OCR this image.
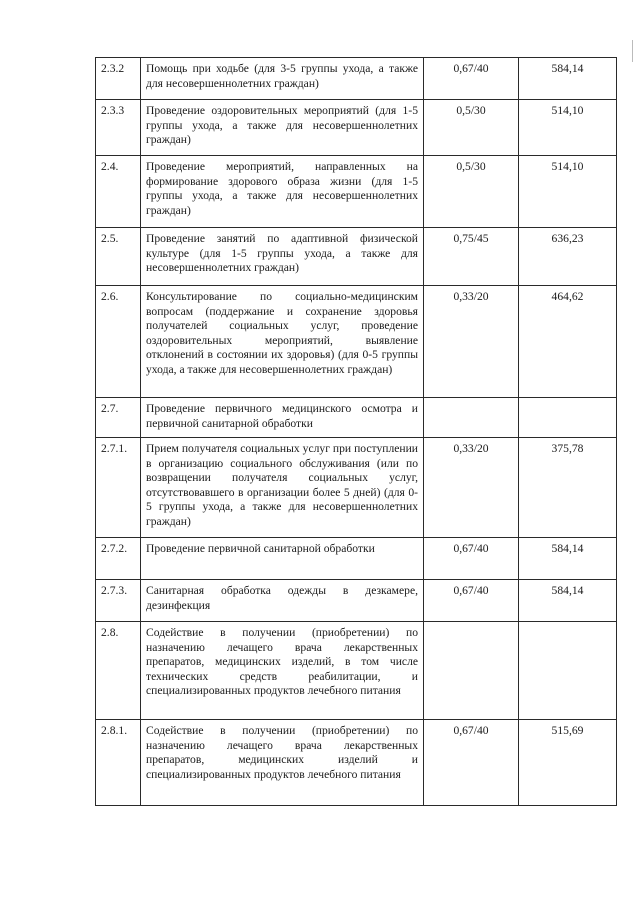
2.3.2	Помощь при ходьбе (для 3-5 группы ухода, а также для несовершеннолетних граждан)	0,67/40	584,14
2.3.3	Проведение оздоровительных мероприятий (для 1-5 группы ухода, а также для несовершеннолетних граждан)	0,5/30	514,10
2.4.	Проведение мероприятий, направленных на формирование здорового образа жизни (для 1-5 группы ухода, а также для несовершеннолетних граждан)	0,5/30	514,10
2.5.	Проведение занятий по адаптивной физической культуре (для 1-5 группы ухода, а также для несовершеннолетних граждан)	0,75/45	636,23
2.6.	Консультирование по социально-медицинским вопросам (поддержание и сохранение здоровья получателей социальных услуг, проведение оздоровительных мероприятий, выявление отклонений в состоянии их здоровья) (для 0-5 группы ухода, а также для несовершеннолетних граждан)	0,33/20	464,62
2.7.	Проведение первичного медицинского осмотра и первичной санитарной обработки		
2.7.1.	Прием получателя социальных услуг при поступлении в организацию социального обслуживания (или по возвращении получателя социальных услуг, отсутствовавшего в организации более 5 дней) (для 0-5 группы ухода, а также для несовершеннолетних граждан)	0,33/20	375,78
2.7.2.	Проведение первичной санитарной обработки	0,67/40	584,14
2.7.3.	Санитарная обработка одежды в дезкамере, дезинфекция	0,67/40	584,14
2.8.	Содействие в получении (приобретении) по назначению лечащего врача лекарственных препаратов, медицинских изделий, в том числе технических средств реабилитации, и специализированных продуктов лечебного питания		
2.8.1.	Содействие в получении (приобретении) по назначению лечащего врача лекарственных препаратов, медицинских изделий и специализированных продуктов лечебного питания	0,67/40	515,69
